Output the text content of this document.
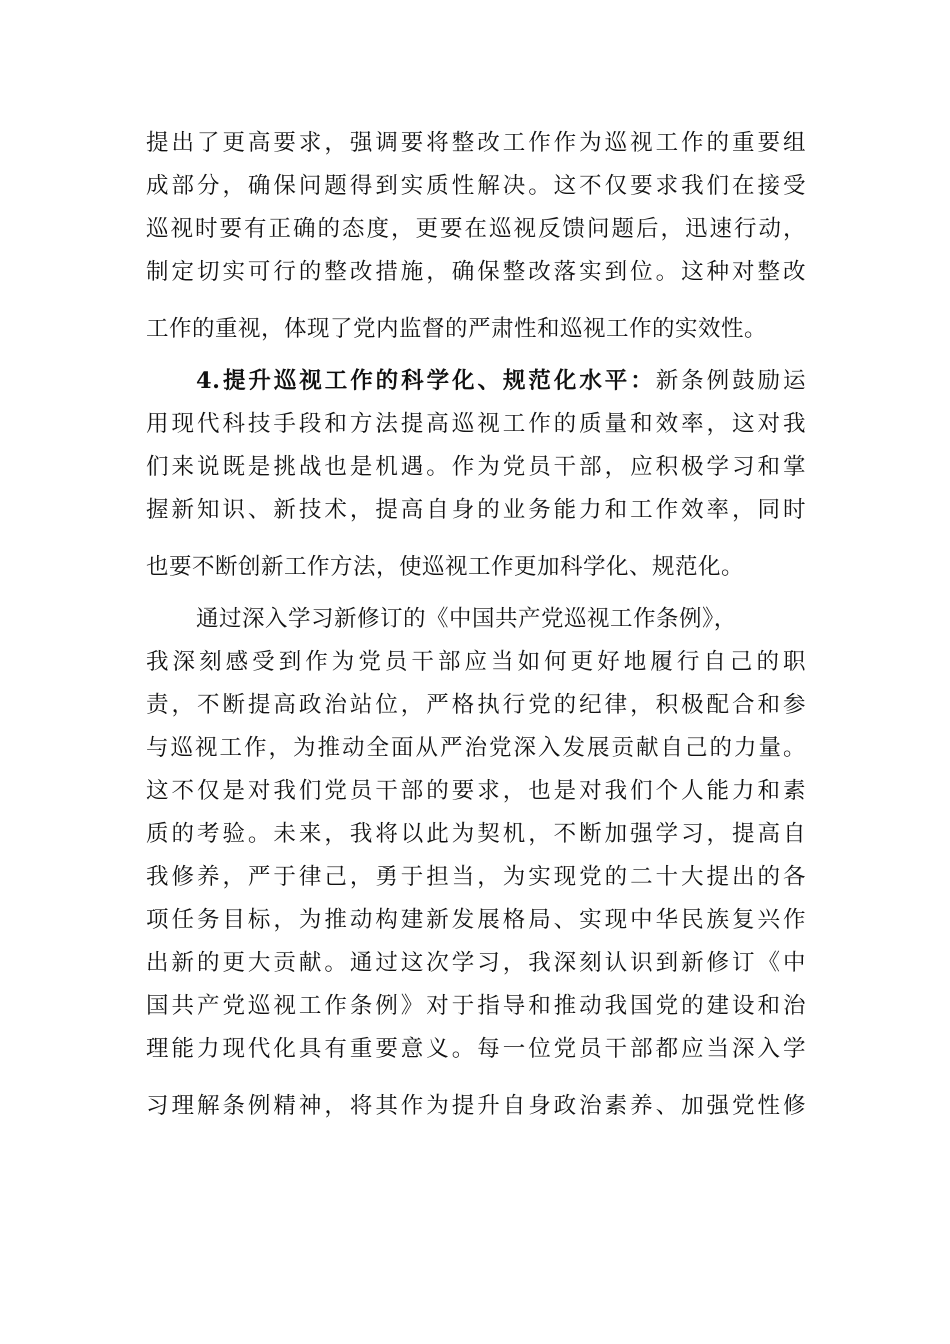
提出了更高要求，强调要将整改工作作为巡视工作的重要组
成部分，确保问题得到实质性解决。这不仅要求我们在接受
巡视时要有正确的态度，更要在巡视反馈问题后，迅速行动，
制定切实可行的整改措施，确保整改落实到位。这种对整改
工作的重视，体现了党内监督的严肃性和巡视工作的实效性。
4.提升巡视工作的科学化、规范化水平：新条例鼓励运
用现代科技手段和方法提高巡视工作的质量和效率，这对我
们来说既是挑战也是机遇。作为党员干部，应积极学习和掌
握新知识、新技术，提高自身的业务能力和工作效率，同时
也要不断创新工作方法，使巡视工作更加科学化、规范化。
通过深入学习新修订的《中国共产党巡视工作条例》，
我深刻感受到作为党员干部应当如何更好地履行自己的职
责，不断提高政治站位，严格执行党的纪律，积极配合和参
与巡视工作，为推动全面从严治党深入发展贡献自己的力量。
这不仅是对我们党员干部的要求，也是对我们个人能力和素
质的考验。未来，我将以此为契机，不断加强学习，提高自
我修养，严于律己，勇于担当，为实现党的二十大提出的各
项任务目标，为推动构建新发展格局、实现中华民族复兴作
出新的更大贡献。通过这次学习，我深刻认识到新修订《中
国共产党巡视工作条例》对于指导和推动我国党的建设和治
理能力现代化具有重要意义。每一位党员干部都应当深入学
习理解条例精神，将其作为提升自身政治素养、加强党性修
